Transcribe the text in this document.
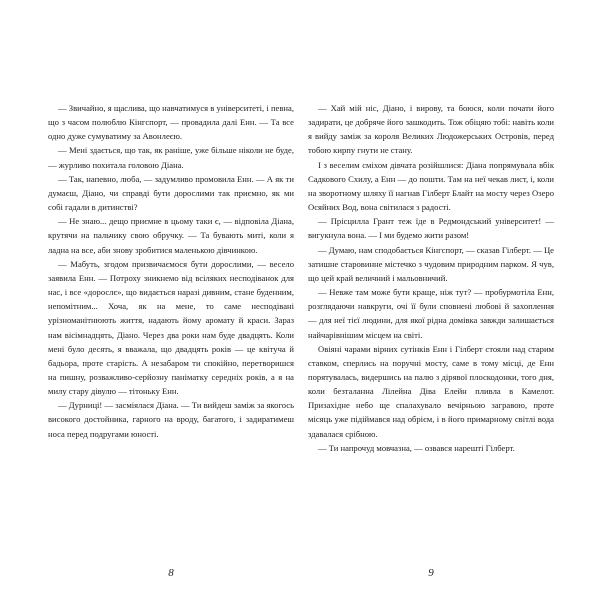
— Звичайно, я щаслива, що навчатимуся в університеті, і певна, що з часом полюблю Кінгспорт, — провадила далі Енн. — Та все одно дуже сумуватиму за Авонлеєю.

— Мені здається, що так, як раніше, уже більше ніколи не буде, — журливо похитала головою Діана.

— Так, напевно, люба, — задумливо промовила Енн. — А як ти думаєш, Діано, чи справді бути дорослими так приємно, як ми собі гадали в дитинстві?

— Не знаю... дещо приємне в цьому таки є, — відповіла Діана, крутячи на пальчику свою обручку. — Та бувають миті, коли я ладна на все, аби знову зробитися маленькою дівчинкою.

— Мабуть, згодом призвичаємося бути дорослими, — весело заявила Енн. — Потроху зникнемо від всіляких несподіванок для нас, і все «дорослє», що видається наразі дивним, стане буденним, непомітним... Хоча, як на мене, то саме несподівані урізноманітнюють життя, надають йому аромату й краси. Зараз нам вісімнадцять, Діано. Через два роки нам буде двадцять. Коли мені було десять, я вважала, що двадцять років — це квітуча й бадьора, проте старість. А незабаром ти спокійно, перетворишся на пишну, розважливо-серйозну паніматку середніх років, а я на милу стару дівулю — тітоньку Енн.

— Дурниці! — засміялася Діана. — Ти вийдеш заміж за якогось високого достойника, гарного на вроду, багатого, і задиратимеш носа перед подругами юності.

— Хай мій ніс, Діано, і вирову, та боюся, коли почати його задирати, це добряче його зашкодить. Тож обіцяю тобі: навіть коли я вийду заміж за короля Великих Людожерських Островів, перед тобою кирпу гнути не стану.

І з веселим сміхом дівчата розійшлися: Діана попрямувала вбік Садкового Схилу, а Енн — до пошти. Там на неї чекав лист, і, коли на зворотному шляху її нагнав Гілберт Блайт на мосту через Озеро Осяйних Вод, вона світилася з радості.

— Прісцилла Грант теж їде в Редмондський університет! — вигукнула вона. — І ми будемо жити разом!

— Думаю, нам сподобається Кінгспорт, — сказав Гілберт. — Це затишне старовинне містечко з чудовим природним парком. Я чув, що цей край величний і мальовничий.

— Невже там може бути краще, ніж тут? — пробурмотіла Енн, розглядаючи навкруги, очі її були сповнені любові й захоплення — для неї тієї людини, для якої рідна домівка завжди залишається найчарівнішим місцем на світі.

Овіяні чарами вірних сутінків Енн і Гілберт стояли над старим ставком, сперлись на поручні мосту, саме в тому місці, де Енн порятувалась, видершись на палю з дірявої плоскодонки, того дня, коли безталанна Лілейна Діва Елейн пливла в Камелот. Призахідне небо ще спалахувало вечірньою загравою, проте місяць уже підіймався над обрієм, і в його примарному світлі вода здавалася срібною.

— Ти напрочуд мовчазна, — озвався нарешті Гілберт.

8	9
